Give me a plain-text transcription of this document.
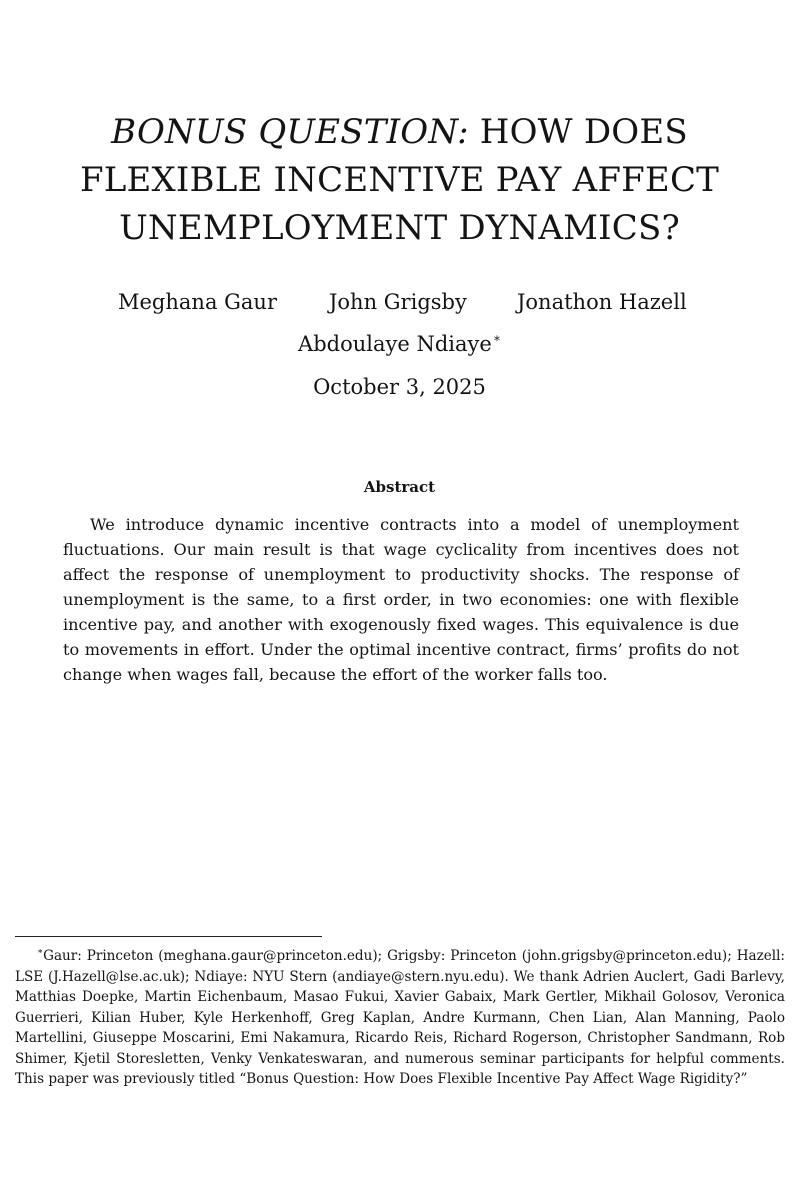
BONUS QUESTION: HOW DOES FLEXIBLE INCENTIVE PAY AFFECT UNEMPLOYMENT DYNAMICS?
Meghana Gaur John Grigsby Jonathon Hazell
Abdoulaye Ndiaye∗
October 3, 2025
Abstract

We introduce dynamic incentive contracts into a model of unemployment fluctuations. Our main result is that wage cyclicality from incentives does not affect the response of unemployment to productivity shocks. The response of unemployment is the same, to a first order, in two economies: one with flexible incentive pay, and another with exogenously fixed wages. This equivalence is due to movements in effort. Under the optimal incentive contract, firms’ profits do not change when wages fall, because the effort of the worker falls too.

∗Gaur: Princeton (meghana.gaur@princeton.edu); Grigsby: Princeton (john.grigsby@princeton.edu); Hazell: LSE (J.Hazell@lse.ac.uk); Ndiaye: NYU Stern (andiaye@stern.nyu.edu). We thank Adrien Auclert, Gadi Barlevy, Matthias Doepke, Martin Eichenbaum, Masao Fukui, Xavier Gabaix, Mark Gertler, Mikhail Golosov, Veronica Guerrieri, Kilian Huber, Kyle Herkenhoff, Greg Kaplan, Andre Kurmann, Chen Lian, Alan Manning, Paolo Martellini, Giuseppe Moscarini, Emi Nakamura, Ricardo Reis, Richard Rogerson, Christopher Sandmann, Rob Shimer, Kjetil Storesletten, Venky Venkateswaran, and numerous seminar participants for helpful comments. This paper was previously titled “Bonus Question: How Does Flexible Incentive Pay Affect Wage Rigidity?”
